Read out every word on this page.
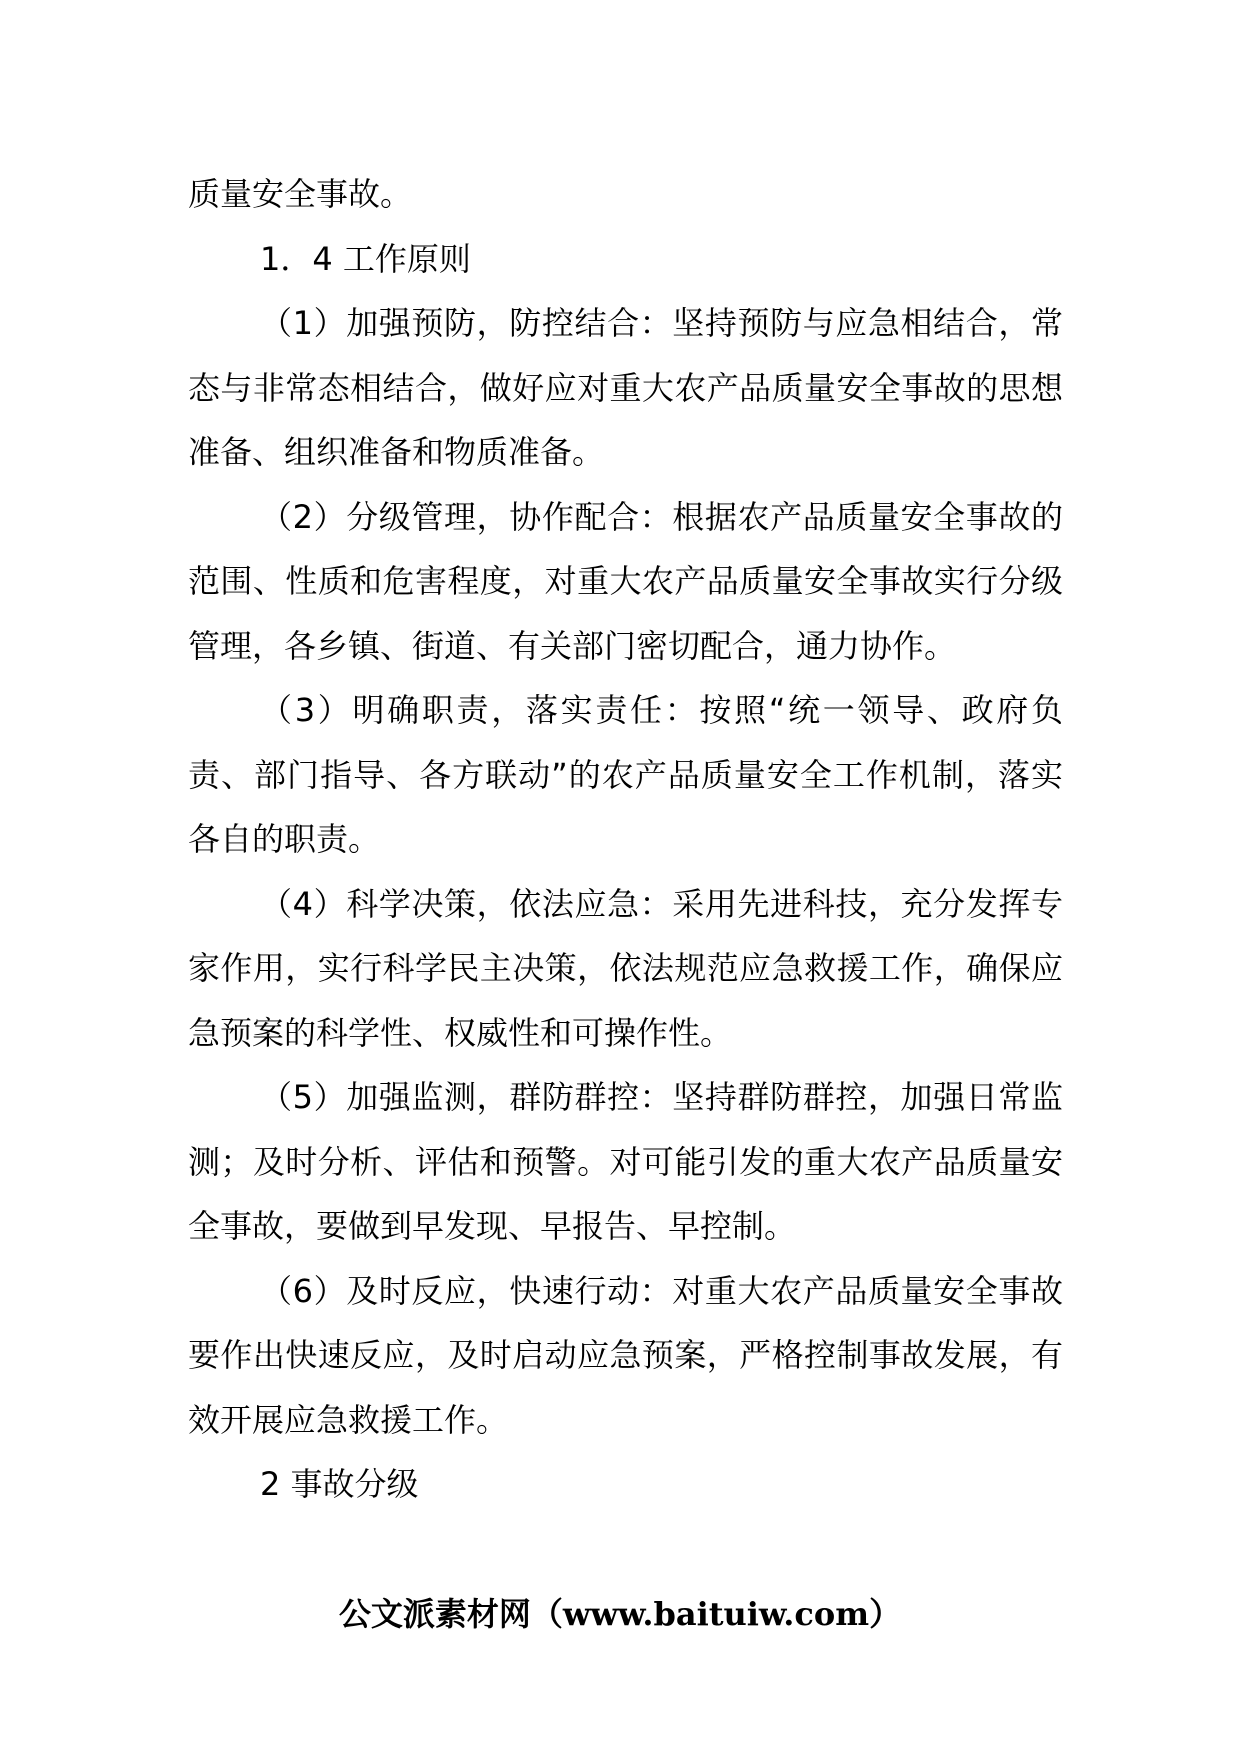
质量安全事故。

1．4 工作原则

（1）加强预防，防控结合：坚持预防与应急相结合，常态与非常态相结合，做好应对重大农产品质量安全事故的思想准备、组织准备和物质准备。

（2）分级管理，协作配合：根据农产品质量安全事故的范围、性质和危害程度，对重大农产品质量安全事故实行分级管理，各乡镇、街道、有关部门密切配合，通力协作。

（3）明确职责，落实责任：按照“统一领导、政府负责、部门指导、各方联动”的农产品质量安全工作机制，落实各自的职责。

（4）科学决策，依法应急：采用先进科技，充分发挥专家作用，实行科学民主决策，依法规范应急救援工作，确保应急预案的科学性、权威性和可操作性。

（5）加强监测，群防群控：坚持群防群控，加强日常监测；及时分析、评估和预警。对可能引发的重大农产品质量安全事故，要做到早发现、早报告、早控制。

（6）及时反应，快速行动：对重大农产品质量安全事故要作出快速反应，及时启动应急预案，严格控制事故发展，有效开展应急救援工作。

2 事故分级

公文派素材网（www.baituiw.com）
